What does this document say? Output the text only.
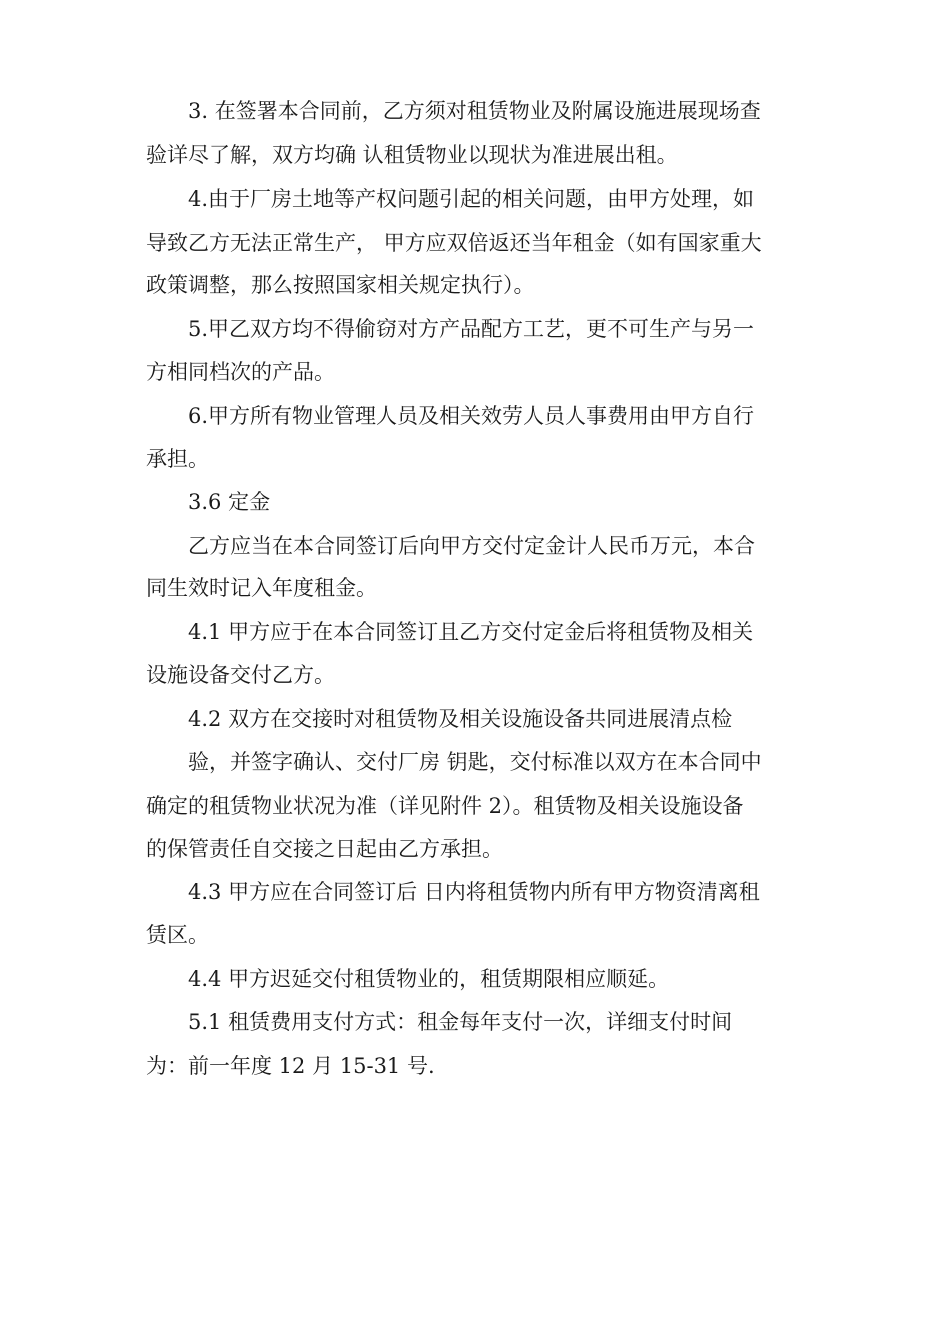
3. 在签署本合同前，乙方须对租赁物业及附属设施进展现场查
验详尽了解，双方均确 认租赁物业以现状为准进展出租。
4.由于厂房土地等产权问题引起的相关问题，由甲方处理，如
导致乙方无法正常生产， 甲方应双倍返还当年租金（如有国家重大
政策调整，那么按照国家相关规定执行）。
5.甲乙双方均不得偷窃对方产品配方工艺，更不可生产与另一
方相同档次的产品。
6.甲方所有物业管理人员及相关效劳人员人事费用由甲方自行
承担。
3.6 定金
乙方应当在本合同签订后向甲方交付定金计人民币万元，本合
同生效时记入年度租金。
4.1 甲方应于在本合同签订且乙方交付定金后将租赁物及相关
设施设备交付乙方。
4.2 双方在交接时对租赁物及相关设施设备共同进展清点检
验，并签字确认、交付厂房 钥匙，交付标准以双方在本合同中
确定的租赁物业状况为准（详见附件 2）。租赁物及相关设施设备
的保管责任自交接之日起由乙方承担。
4.3 甲方应在合同签订后 日内将租赁物内所有甲方物资清离租
赁区。
4.4 甲方迟延交付租赁物业的，租赁期限相应顺延。
5.1 租赁费用支付方式：租金每年支付一次，详细支付时间
为：前一年度 12 月 15-31 号.
